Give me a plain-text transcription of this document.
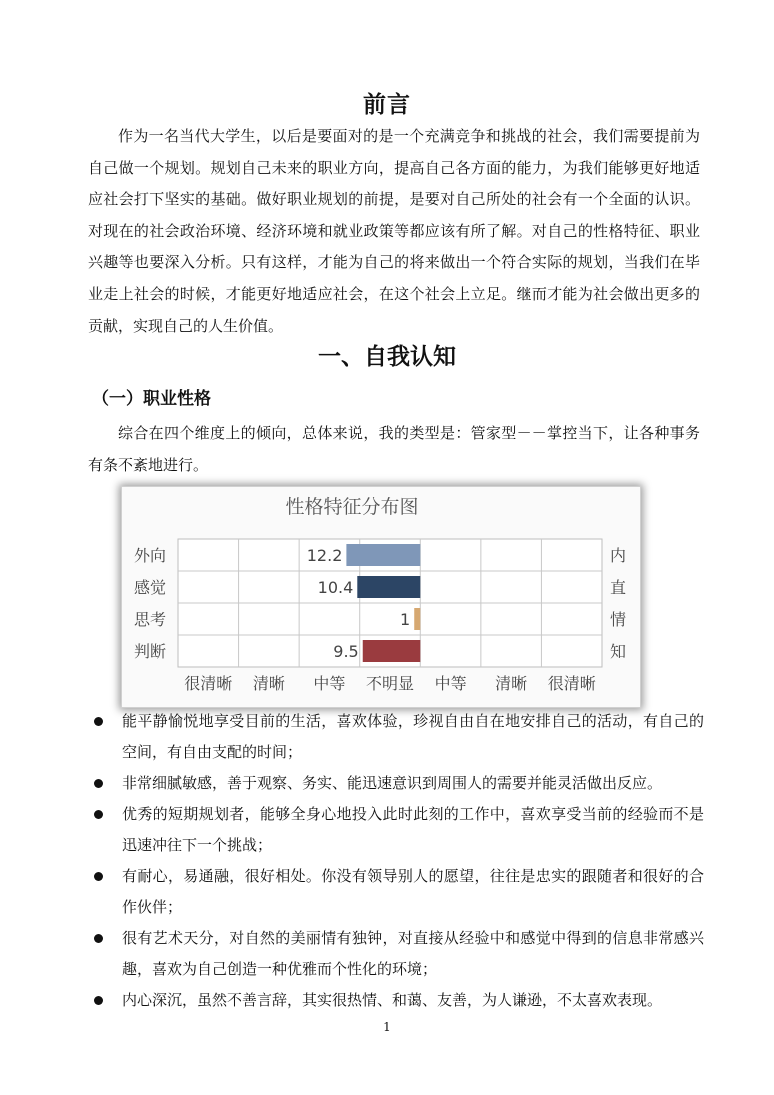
前言

作为一名当代大学生，以后是要面对的是一个充满竞争和挑战的社会，我们需要提前为自己做一个规划。规划自己未来的职业方向，提高自己各方面的能力，为我们能够更好地适应社会打下坚实的基础。做好职业规划的前提，是要对自己所处的社会有一个全面的认识。对现在的社会政治环境、经济环境和就业政策等都应该有所了解。对自己的性格特征、职业兴趣等也要深入分析。只有这样，才能为自己的将来做出一个符合实际的规划，当我们在毕业走上社会的时候，才能更好地适应社会，在这个社会上立足。继而才能为社会做出更多的贡献，实现自己的人生价值。

一、自我认知
（一）职业性格

综合在四个维度上的倾向，总体来说，我的类型是：管家型－－掌控当下，让各种事务有条不紊地进行。

性格特征分布图
外向	内
12.2
感觉	直
10.4
思考	情
1
判断	知
9.5
很清晰 清晰 中等 不明显 中等 清晰 很清晰
能平静愉悦地享受目前的生活，喜欢体验，珍视自由自在地安排自己的活动，有自己的空间，有自由支配的时间；
非常细腻敏感，善于观察、务实、能迅速意识到周围人的需要并能灵活做出反应。
优秀的短期规划者，能够全身心地投入此时此刻的工作中，喜欢享受当前的经验而不是迅速冲往下一个挑战；
有耐心，易通融，很好相处。你没有领导别人的愿望，往往是忠实的跟随者和很好的合作伙伴；
很有艺术天分，对自然的美丽情有独钟，对直接从经验中和感觉中得到的信息非常感兴趣，喜欢为自己创造一种优雅而个性化的环境；
内心深沉，虽然不善言辞，其实很热情、和蔼、友善，为人谦逊，不太喜欢表现。
1
